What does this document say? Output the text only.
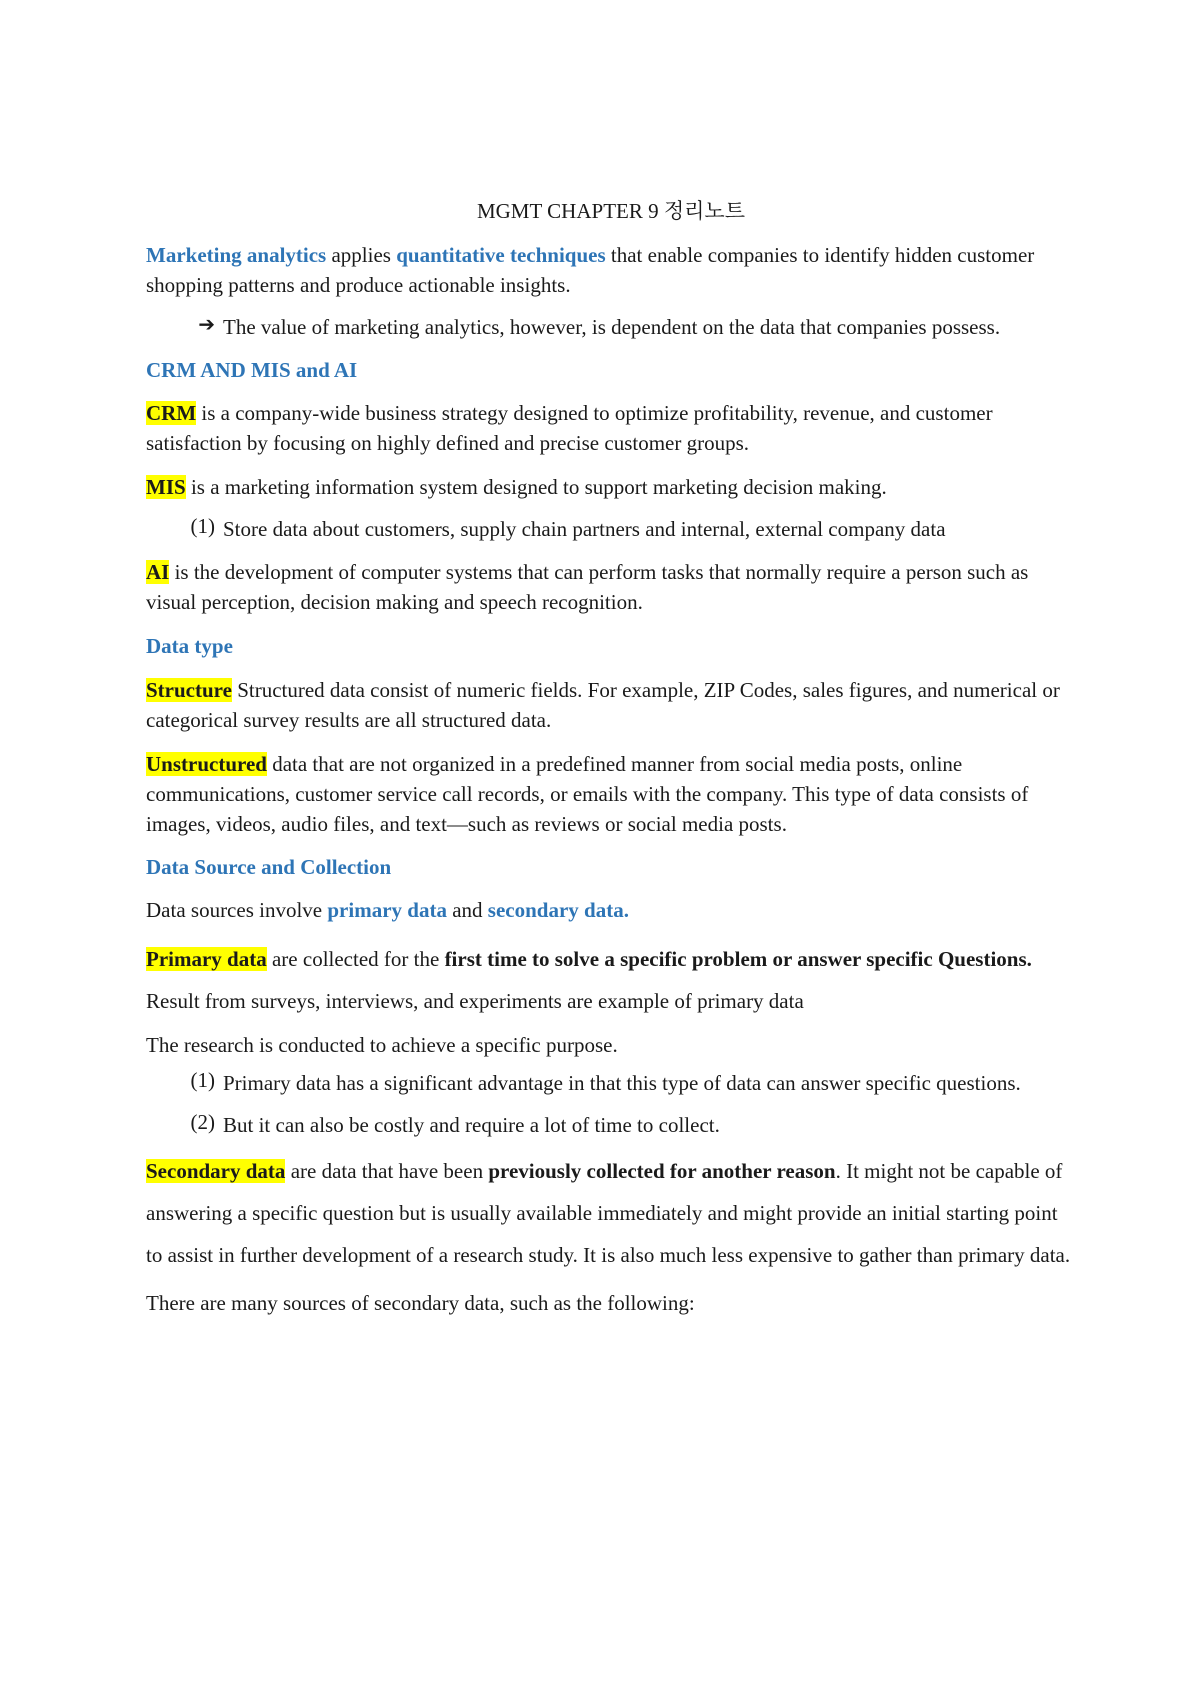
MGMT CHAPTER 9 정리노트

Marketing analytics applies quantitative techniques that enable companies to identify hidden customer shopping patterns and produce actionable insights.

➔ The value of marketing analytics, however, is dependent on the data that companies possess.

CRM AND MIS and AI

CRM is a company-wide business strategy designed to optimize profitability, revenue, and customer satisfaction by focusing on highly defined and precise customer groups.

MIS is a marketing information system designed to support marketing decision making.

(1) Store data about customers, supply chain partners and internal, external company data

AI is the development of computer systems that can perform tasks that normally require a person such as visual perception, decision making and speech recognition.

Data type

Structure Structured data consist of numeric fields. For example, ZIP Codes, sales figures, and numerical or categorical survey results are all structured data.

Unstructured data that are not organized in a predefined manner from social media posts, online communications, customer service call records, or emails with the company. This type of data consists of images, videos, audio files, and text—such as reviews or social media posts.

Data Source and Collection

Data sources involve primary data and secondary data.

Primary data are collected for the first time to solve a specific problem or answer specific Questions. Result from surveys, interviews, and experiments are example of primary data

The research is conducted to achieve a specific purpose.

(1) Primary data has a significant advantage in that this type of data can answer specific questions.

(2) But it can also be costly and require a lot of time to collect.

Secondary data are data that have been previously collected for another reason. It might not be capable of answering a specific question but is usually available immediately and might provide an initial starting point to assist in further development of a research study. It is also much less expensive to gather than primary data.

There are many sources of secondary data, such as the following:
